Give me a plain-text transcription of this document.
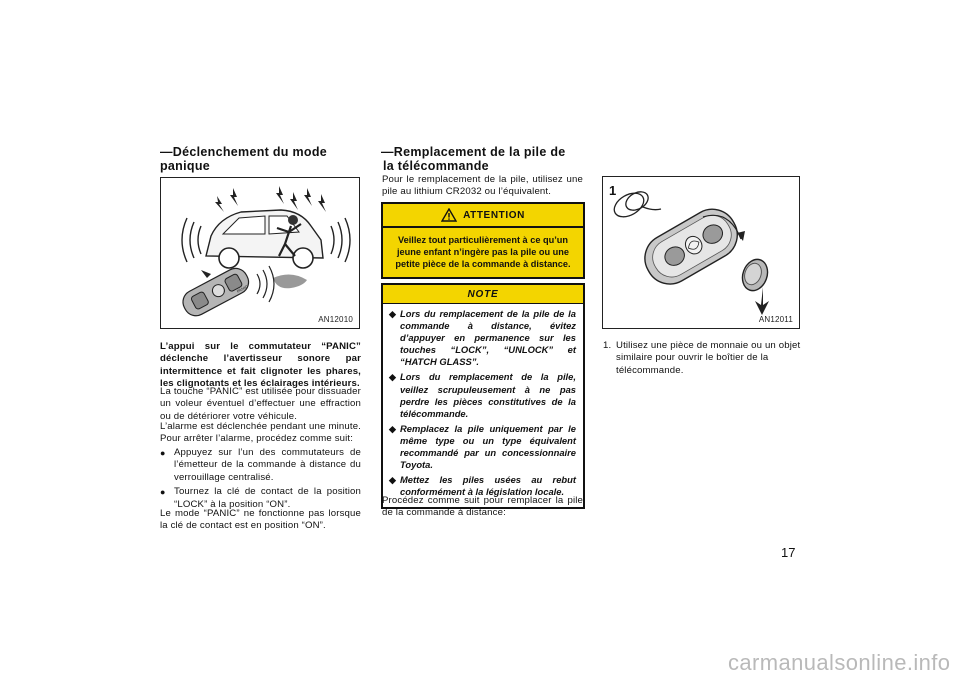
—Déclenchement du mode
panique
PANIC
AN12010
L’appui sur le commutateur “PANIC” déclenche l’avertisseur sonore par intermittence et fait clignoter les phares, les clignotants et les éclairages intérieurs.
La touche “PANIC” est utilisée pour dissuader un voleur éventuel d’effectuer une effraction ou de détériorer votre véhicule.
L’alarme est déclenchée pendant une minute. Pour arrêter l’alarme, procédez comme suit:
● Appuyez sur l’un des commutateurs de l’émetteur de la commande à distance du verrouillage centralisé.
● Tournez la clé de contact de la position “LOCK” à la position “ON”.
Le mode “PANIC” ne fonctionne pas lorsque la clé de contact est en position “ON”.
—Remplacement de la pile de
la télécommande
Pour le remplacement de la pile, utilisez une pile au lithium CR2032 ou l’équivalent.
ATTENTION
Veillez tout particulièrement à ce qu’un jeune enfant n’ingère pas la pile ou une petite pièce de la commande à distance.
NOTE
◆ Lors du remplacement de la pile de la commande à distance, évitez d’appuyer en permanence sur les touches “LOCK”, “UNLOCK” et “HATCH GLASS”.
◆ Lors du remplacement de la pile, veillez scrupuleusement à ne pas perdre les pièces constitutives de la télécommande.
◆ Remplacez la pile uniquement par le même type ou un type équivalent recommandé par un concessionnaire Toyota.
◆ Mettez les piles usées au rebut conformément à la législation locale.
Procédez comme suit pour remplacer la pile de la commande à distance:
1
AN12011
1. Utilisez une pièce de monnaie ou un objet similaire pour ouvrir le boîtier de la télécommande.
17
carmanualsonline.info
